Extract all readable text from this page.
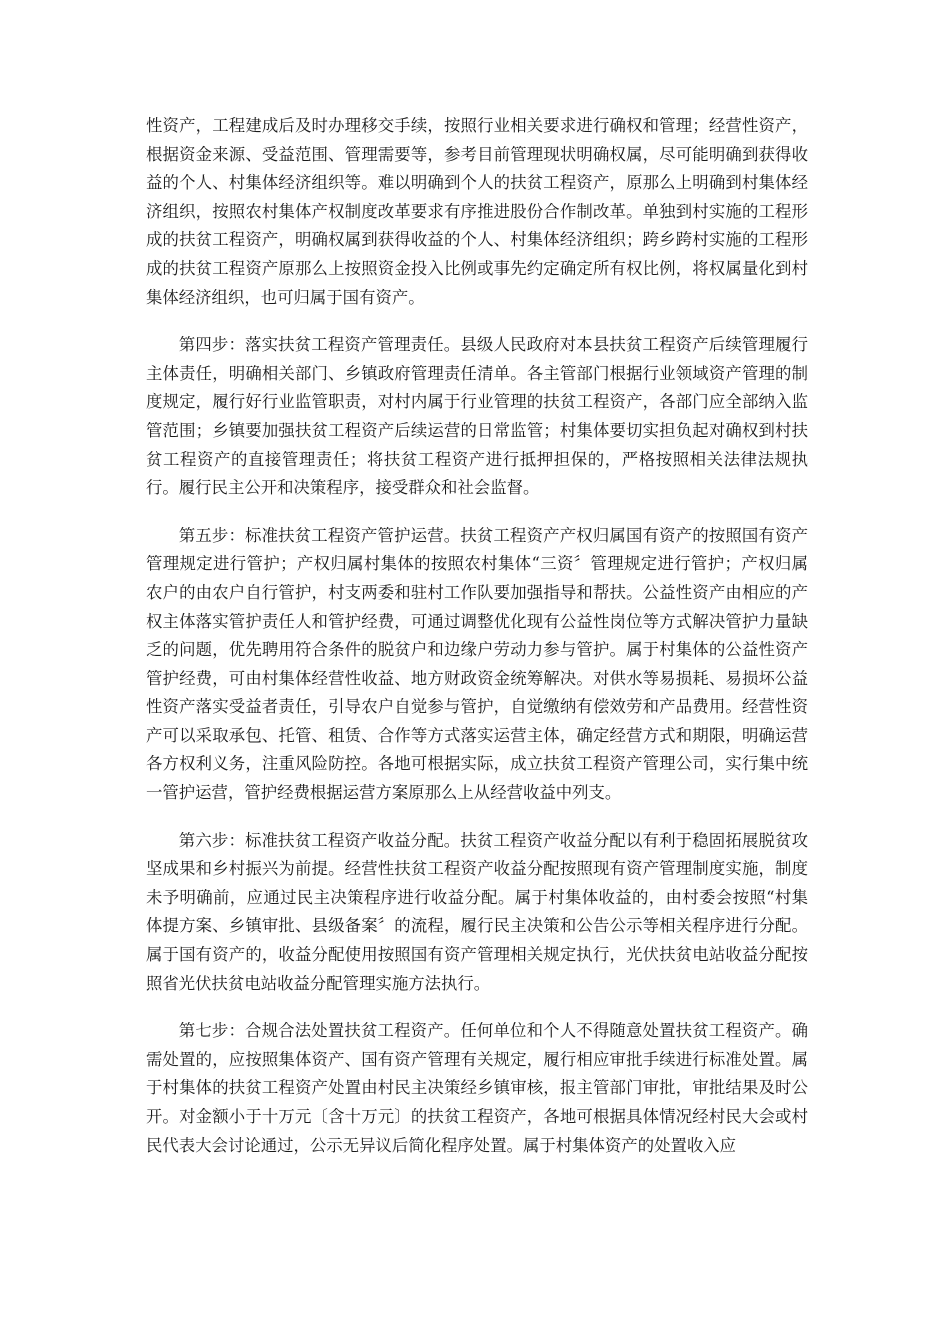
性资产，工程建成后及时办理移交手续，按照行业相关要求进行确权和管理；经营性资产，根据资金来源、受益范围、管理需要等，参考目前管理现状明确权属，尽可能明确到获得收益的个人、村集体经济组织等。难以明确到个人的扶贫工程资产，原那么上明确到村集体经济组织，按照农村集体产权制度改革要求有序推进股份合作制改革。单独到村实施的工程形成的扶贫工程资产，明确权属到获得收益的个人、村集体经济组织；跨乡跨村实施的工程形成的扶贫工程资产原那么上按照资金投入比例或事先约定确定所有权比例，将权属量化到村集体经济组织，也可归属于国有资产。

第四步：落实扶贫工程资产管理责任。县级人民政府对本县扶贫工程资产后续管理履行主体责任，明确相关部门、乡镇政府管理责任清单。各主管部门根据行业领域资产管理的制度规定，履行好行业监管职责，对村内属于行业管理的扶贫工程资产，各部门应全部纳入监管范围；乡镇要加强扶贫工程资产后续运营的日常监管；村集体要切实担负起对确权到村扶贫工程资产的直接管理责任；将扶贫工程资产进行抵押担保的，严格按照相关法律法规执行。履行民主公开和决策程序，接受群众和社会监督。

第五步：标准扶贫工程资产管护运营。扶贫工程资产产权归属国有资产的按照国有资产管理规定进行管护；产权归属村集体的按照农村集体“三资〞管理规定进行管护；产权归属农户的由农户自行管护，村支两委和驻村工作队要加强指导和帮扶。公益性资产由相应的产权主体落实管护责任人和管护经费，可通过调整优化现有公益性岗位等方式解决管护力量缺乏的问题，优先聘用符合条件的脱贫户和边缘户劳动力参与管护。属于村集体的公益性资产管护经费，可由村集体经营性收益、地方财政资金统筹解决。对供水等易损耗、易损坏公益性资产落实受益者责任，引导农户自觉参与管护，自觉缴纳有偿效劳和产品费用。经营性资产可以采取承包、托管、租赁、合作等方式落实运营主体，确定经营方式和期限，明确运营各方权利义务，注重风险防控。各地可根据实际，成立扶贫工程资产管理公司，实行集中统一管护运营，管护经费根据运营方案原那么上从经营收益中列支。

第六步：标准扶贫工程资产收益分配。扶贫工程资产收益分配以有利于稳固拓展脱贫攻坚成果和乡村振兴为前提。经营性扶贫工程资产收益分配按照现有资产管理制度实施，制度未予明确前，应通过民主决策程序进行收益分配。属于村集体收益的，由村委会按照“村集体提方案、乡镇审批、县级备案〞的流程，履行民主决策和公告公示等相关程序进行分配。属于国有资产的，收益分配使用按照国有资产管理相关规定执行，光伏扶贫电站收益分配按照省光伏扶贫电站收益分配管理实施方法执行。

第七步：合规合法处置扶贫工程资产。任何单位和个人不得随意处置扶贫工程资产。确需处置的，应按照集体资产、国有资产管理有关规定，履行相应审批手续进行标准处置。属于村集体的扶贫工程资产处置由村民主决策经乡镇审核，报主管部门审批，审批结果及时公开。对金额小于十万元〔含十万元〕的扶贫工程资产，各地可根据具体情况经村民大会或村民代表大会讨论通过，公示无异议后简化程序处置。属于村集体资产的处置收入应
